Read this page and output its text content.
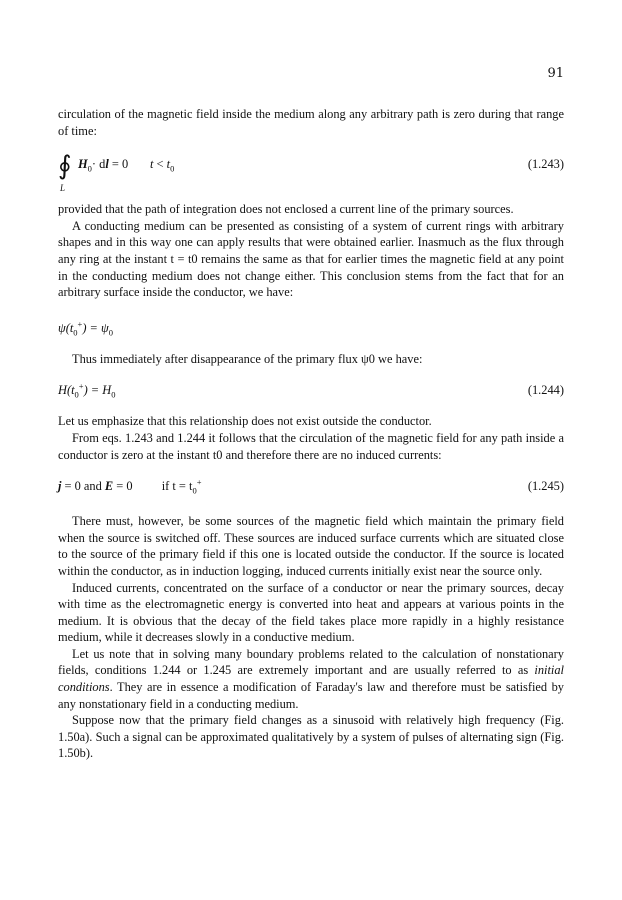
91

circulation of the magnetic field inside the medium along any arbitrary path is zero during that range of time:

∮
L
$H_0\cdot$ dl = 0 $t < t_0$	(1.243)

provided that the path of integration does not enclosed a current line of the primary sources.

A conducting medium can be presented as consisting of a system of current rings with arbitrary shapes and in this way one can apply results that were obtained earlier. Inasmuch as the flux through any ring at the instant t = t0 remains the same as that for earlier times the magnetic field at any point in the conducting medium does not change either. This conclusion stems from the fact that for an arbitrary surface inside the conductor, we have:

$\psi(t_0^+) = \psi_0$

Thus immediately after disappearance of the primary flux ψ0 we have:

$H(t_0^+) = H_0$	(1.244)

Let us emphasize that this relationship does not exist outside the conductor.

From eqs. 1.243 and 1.244 it follows that the circulation of the magnetic field for any path inside a conductor is zero at the instant t0 and therefore there are no induced currents:

j = 0 and E = 0 if $t = t_0^+$	(1.245)

There must, however, be some sources of the magnetic field which maintain the primary field when the source is switched off. These sources are induced surface currents which are situated close to the source of the primary field if this one is located outside the conductor. If the source is located within the conductor, as in induction logging, induced currents initially exist near the source only.

Induced currents, concentrated on the surface of a conductor or near the primary sources, decay with time as the electromagnetic energy is converted into heat and appears at various points in the medium. It is obvious that the decay of the field takes place more rapidly in a highly resistance medium, while it decreases slowly in a conductive medium.

Let us note that in solving many boundary problems related to the calculation of nonstationary fields, conditions 1.244 or 1.245 are extremely important and are usually referred to as initial conditions. They are in essence a modification of Faraday's law and therefore must be satisfied by any nonstationary field in a conducting medium.

Suppose now that the primary field changes as a sinusoid with relatively high frequency (Fig. 1.50a). Such a signal can be approximated qualitatively by a system of pulses of alternating sign (Fig. 1.50b).
